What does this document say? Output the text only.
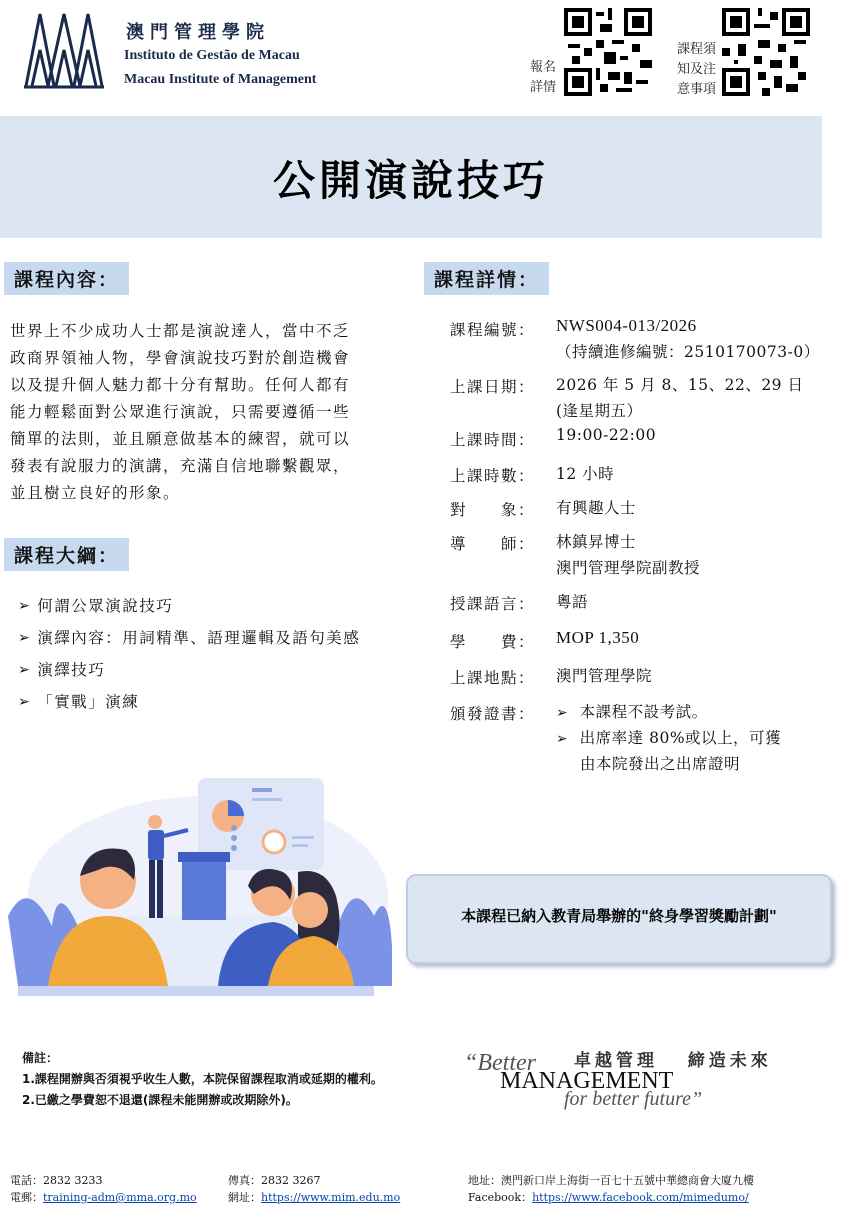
澳門管理學院
Instituto de Gestão de Macau
Macau Institute of Management
報名
詳情
課程須
知及注
意事項
公開演說技巧
課程內容：
世界上不少成功人士都是演說達人，當中不乏
政商界領袖人物，學會演說技巧對於創造機會
以及提升個人魅力都十分有幫助。任何人都有
能力輕鬆面對公眾進行演說，只需要遵循一些
簡單的法則，並且願意做基本的練習，就可以
發表有說服力的演講，充滿自信地聯繫觀眾，
並且樹立良好的形象。
課程大綱：
➢ 何謂公眾演說技巧
➢ 演繹內容：用詞精準、語理邏輯及語句美感
➢ 演繹技巧
➢ 「實戰」演練
課程詳情：
課程編號：	NWS004-013/2026
（持續進修編號：2510170073-0）
上課日期：	2026 年 5 月 8、15、22、29 日
(逢星期五）
上課時間：	19:00-22:00
上課時數：	12 小時
對　　象：	有興趣人士
導　　師：	林鎮昇博士
澳門管理學院副教授
授課語言：	粵語
學　　費：	MOP 1,350
上課地點：	澳門管理學院
頒發證書：	➢ 本課程不設考試。
➢ 出席率達 80%或以上，可獲
由本院發出之出席證明
本課程已納入教青局舉辦的"終身學習獎勵計劃"
備註：
1.課程開辦與否須視乎收生人數，本院保留課程取消或延期的權利。
2.已繳之學費恕不退還(課程未能開辦或改期除外)。
卓越管理 締造未來
“Better
MANAGEMENT
for better future”
電話：2832 3233
電郵：training-adm@mma.org.mo
傳真：2832 3267
網址：https://www.mim.edu.mo
地址：澳門新口岸上海街一百七十五號中華總商會大廈九樓
Facebook：https://www.facebook.com/mimedumo/
